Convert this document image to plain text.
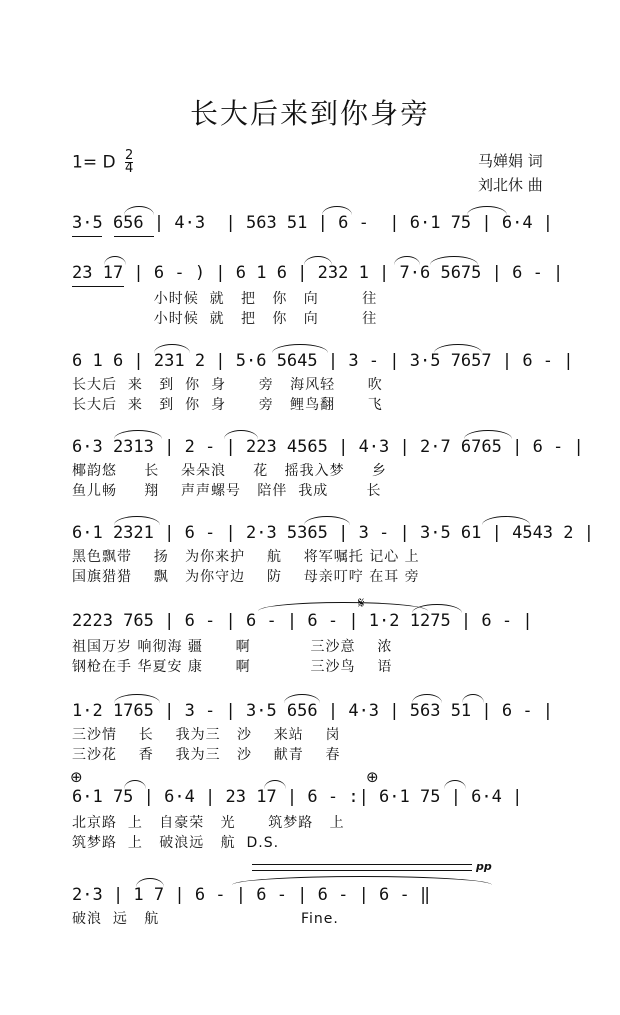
长大后来到你身旁
1= D $\frac{2}{4}$	马婵娟 词
刘北休 曲
3·5 656 | 4·3  | 563 51 | 6 -  | 6·1 75 | 6·4 |
23 17 | 6 - ) | 6 1 6 | 232 1 | 7·6 5675 | 6 - |
小时候  就   把   你   向        往
小时候  就   把   你   向        往
6 1 6 | 231 2 | 5·6 5645 | 3 - | 3·5 7657 | 6 - |
长大后  来   到  你  身      旁   海风轻      吹
长大后  来   到  你  身      旁   鲤鸟翻      飞
6·3 2313 | 2 - | 223 4565 | 4·3 | 2·7 6765 | 6 - |
椰韵悠     长    朵朵浪     花   摇我入梦     乡
鱼儿畅     翔    声声螺号   陪伴  我成       长
6·1 2321 | 6 - | 2·3 5365 | 3 - | 3·5 61 | 4543 2 |
黑色飘带    扬   为你来护    航    将军嘱托 记心 上
国旗猎猎    飘   为你守边    防    母亲叮咛 在耳 旁
𝄋
2223 765 | 6 - | 6 - | 6 - | 1·2 1275 | 6 - |
祖国万岁 响彻海 疆      啊           三沙意    浓
钢枪在手 华夏安 康      啊           三沙鸟    语
1·2 1765 | 3 - | 3·5 656 | 4·3 | 563 51 | 6 - |
三沙情    长    我为三   沙    来站    岗
三沙花    香    我为三   沙    献青    春
⊕	⊕
6·1 75 | 6·4 | 23 17 | 6 - :| 6·1 75 | 6·4 |
北京路  上   自豪荣   光      筑梦路   上
筑梦路  上   破浪远   航  D.S.
pp
2·3 | 1 7 | 6 - | 6 - | 6 - | 6 - ‖
破浪  远   航                          Fine.
